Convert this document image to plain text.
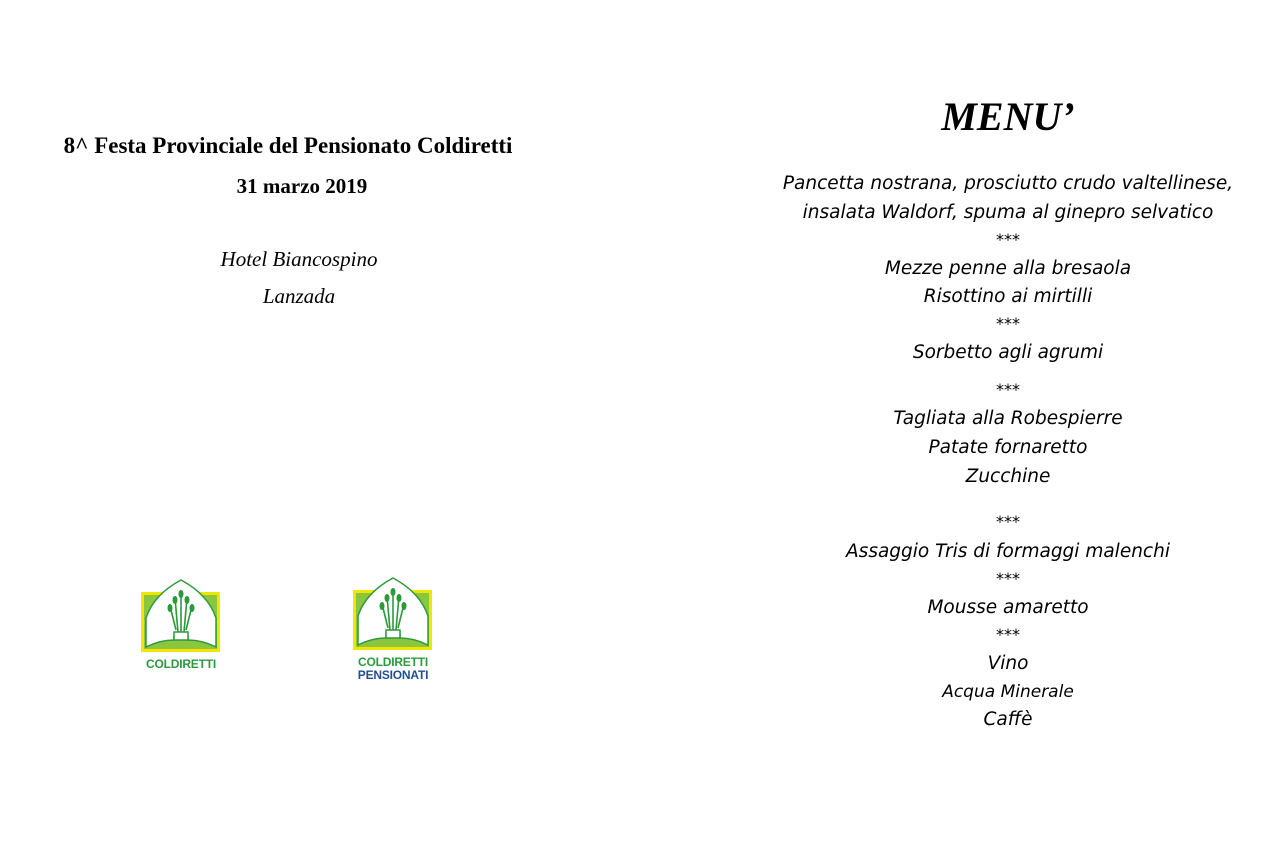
8^ Festa Provinciale del Pensionato Coldiretti
31 marzo 2019
Hotel Biancospino
Lanzada
COLDIRETTI	COLDIRETTI
PENSIONATI
MENU’
Pancetta nostrana, prosciutto crudo valtellinese,
insalata Waldorf, spuma al ginepro selvatico
***
Mezze penne alla bresaola
Risottino ai mirtilli
***
Sorbetto agli agrumi
***
Tagliata alla Robespierre
Patate fornaretto
Zucchine
***
Assaggio Tris di formaggi malenchi
***
Mousse amaretto
***
Vino
Acqua Minerale
Caffè
